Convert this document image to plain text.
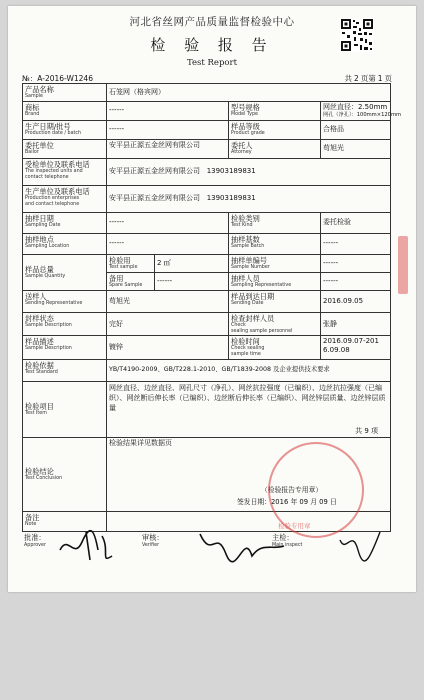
河北省丝网产品质量监督检验中心
检 验 报 告
Test Report
№：A-2016-W1246	共 2 页第 1 页
产品名称
Sample	石笼网（格宾网）			

商标
Brand	------		型号规格
Model Type	网丝直径：2.50mm
网孔（净孔）：100mm×120mm

生产日期/批号
Production date / batch	------		样品等级
Product grade	合格品

委托单位
Bailor	安平县正源五金丝网有限公司		委托人
Attorney	苟旭光

受检单位及联系电话
The inspected units and
contact telephone	安平县正源五金丝网有限公司 13903189831			

生产单位及联系电话
Production enterprises
and contact telephone	安平县正源五金丝网有限公司 13903189831			

抽样日期
Sampling Date	------		检验类别
Test Kind	委托检验

抽样地点
Sampling Location	------		抽样基数
Sample Batch	------

样品总量
Sample Quantity	检验用
Test sample	2 ㎡	抽样单编号
Sample Number	------

	备用
Spare Sample	------	抽样人员
Sampling Representative	------

送样人
Sending Representative	苟旭光		样品到达日期
Sending Date	2016.09.05

封样状态
Sample Description	完好		检查封样人员
Check
sealing sample personnel	张静

样品描述
Sample Description	镀锌		检验时间
Check sealing
sample time	2016.09.07-201
6.09.08

检验依据
Test Standard	YB/T4190-2009、GB/T228.1-2010、GB/T1839-2008 及企业提供技术要求			

检验项目
Test Item	网丝直径、边丝直径、网孔尺寸（净孔）、网丝抗拉强度（已编织）、边丝抗拉强度（已编织）、网丝断后伸长率（已编织）、边丝断后伸长率（已编织）、网丝锌层质量、边丝锌层质量
共 9 项			

检验结论
Test Conclusion	检验结果详见数据页
（检验报告专用章）
签发日期：2016 年 09 月 09 日			

备注
Note				
		检验专用章
批准：
Approver
审核：
Verifier
主检：
Main inspect
